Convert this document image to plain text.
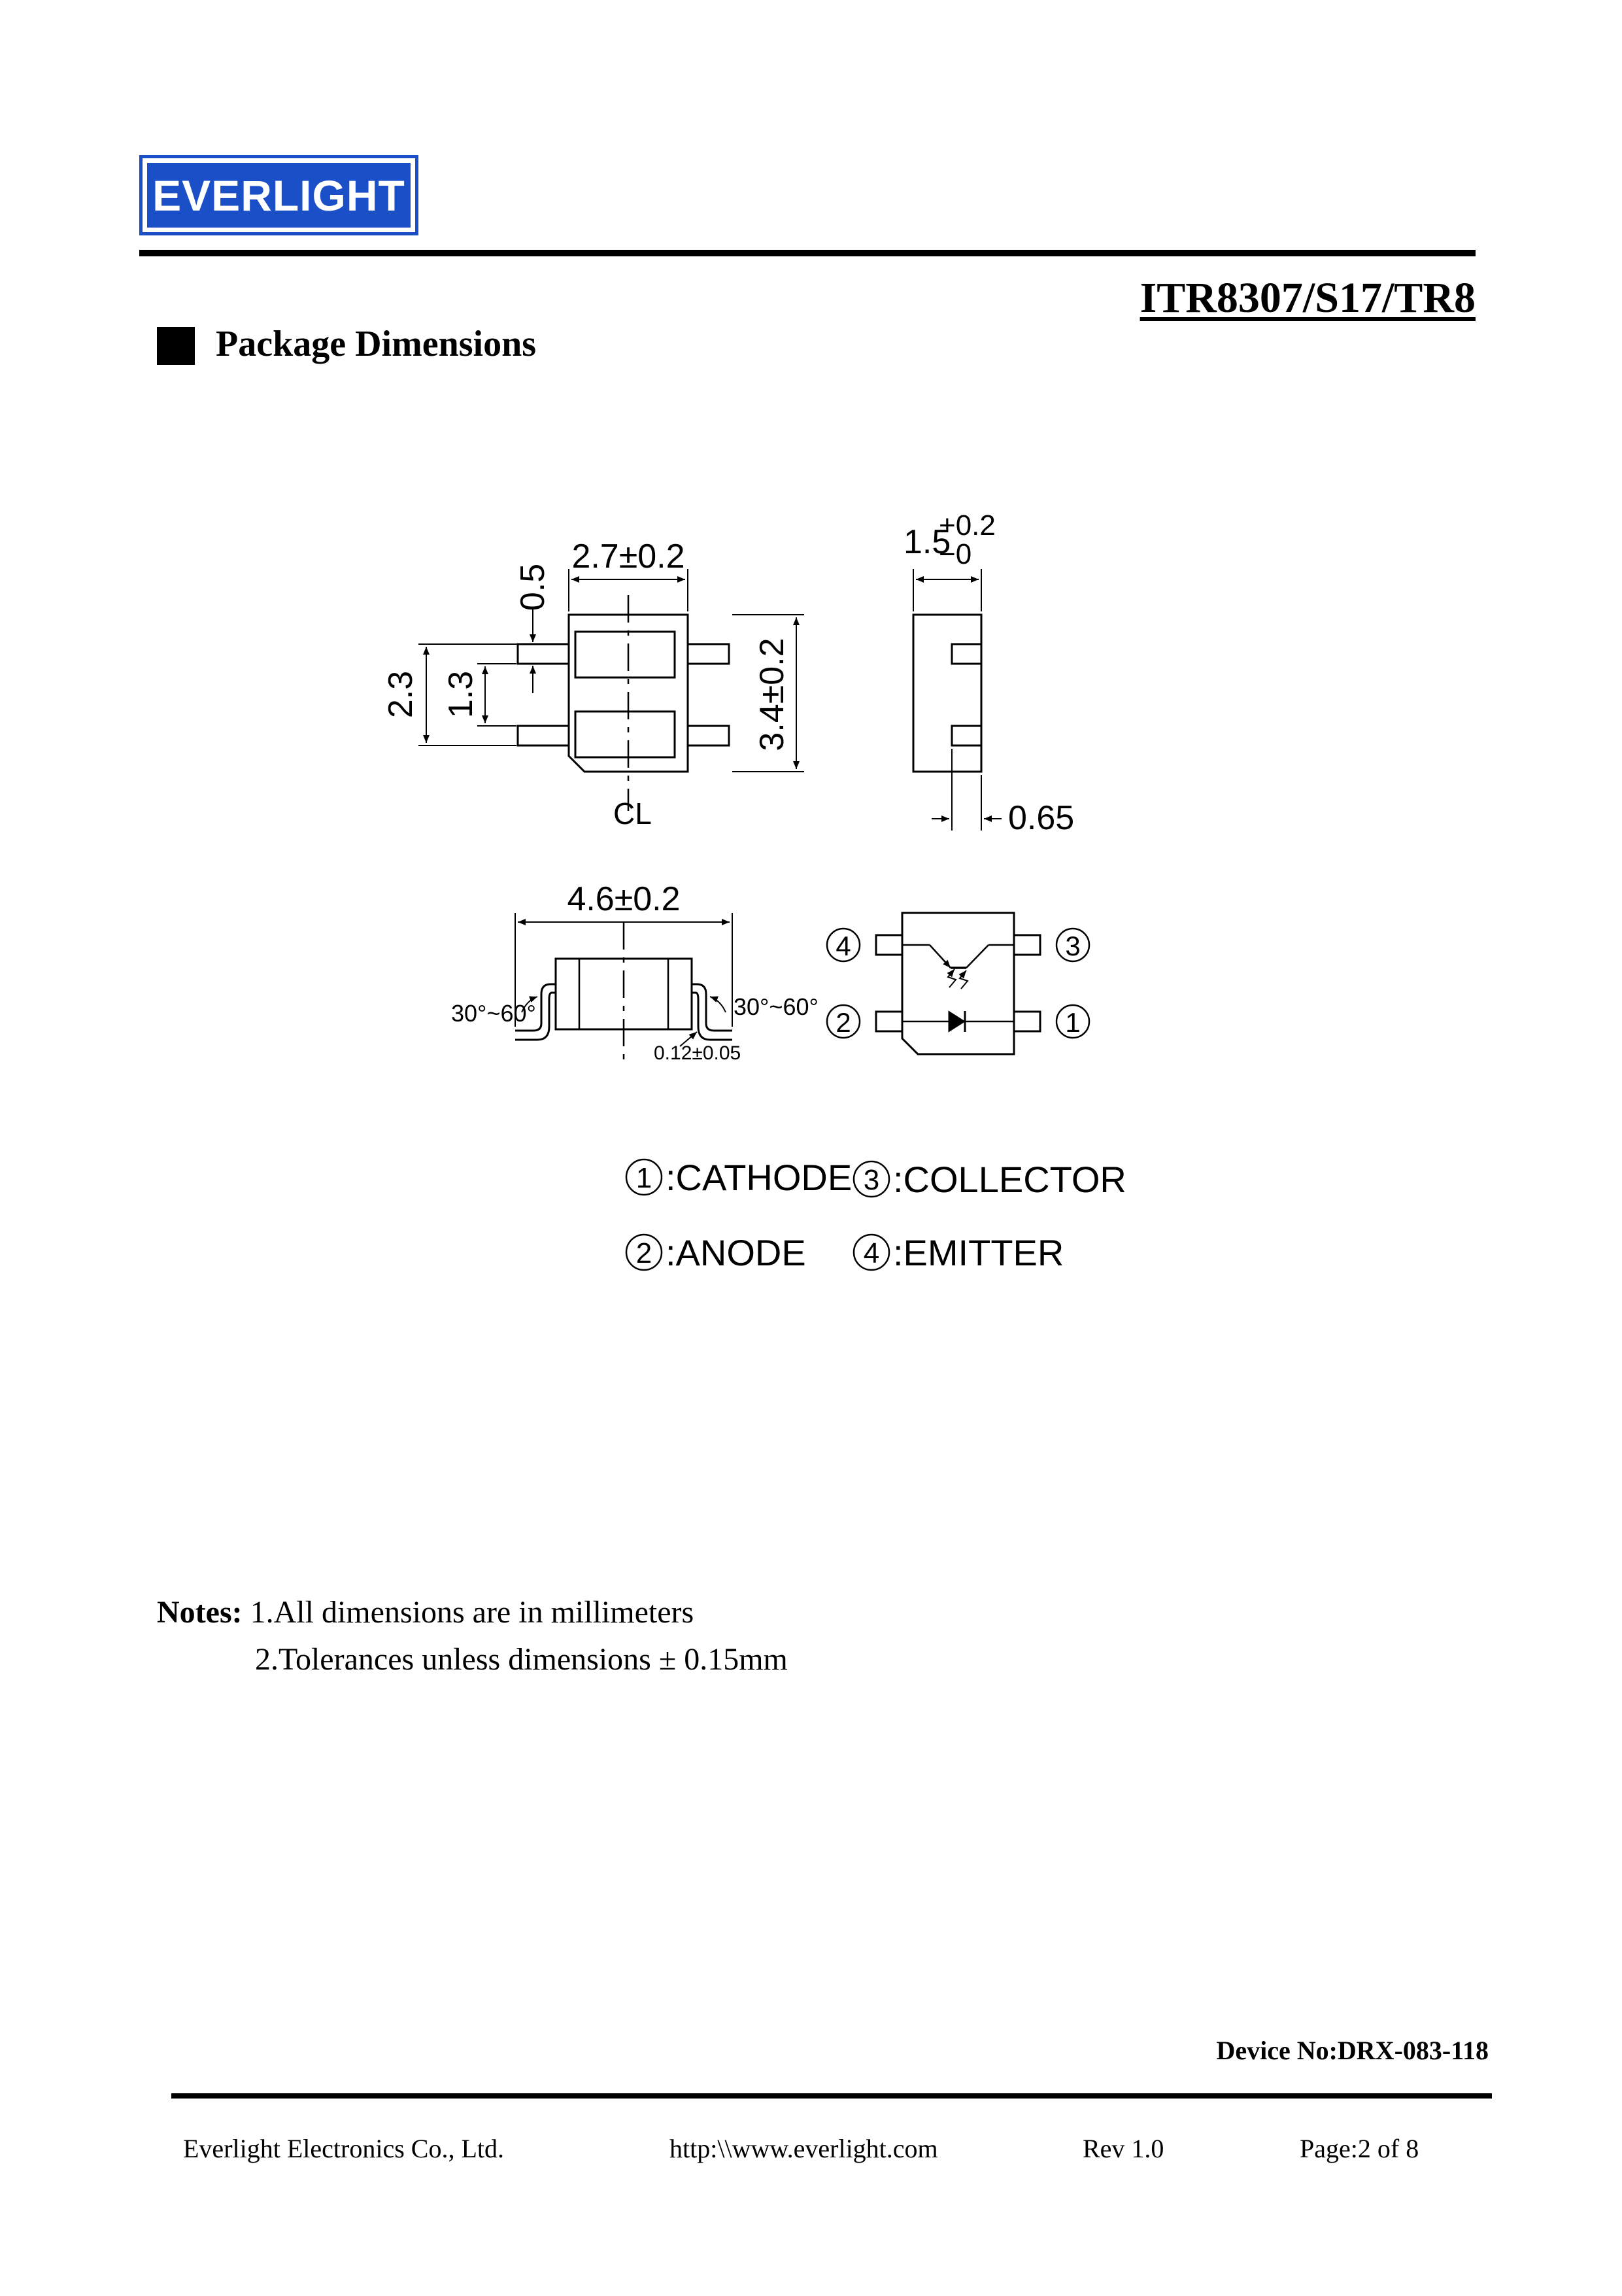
EVERLIGHT
ITR8307/S17/TR8
Package Dimensions
2.7±0.2
0.5
2.3 1.3	3.4±0.2
CL
1.5
+0.2
−0
0.65
4.6±0.2
30°~60°	30°~60°
0.12±0.05
3
1
4
2
1 :CATHODE
2 :ANODE
3 :COLLECTOR
4 :EMITTER
Notes: 1.All dimensions are in millimeters
2.Tolerances unless dimensions ± 0.15mm
Device No:DRX-083-118
Everlight Electronics Co., Ltd.	http:\\www.everlight.com	Rev 1.0	Page:2 of 8
